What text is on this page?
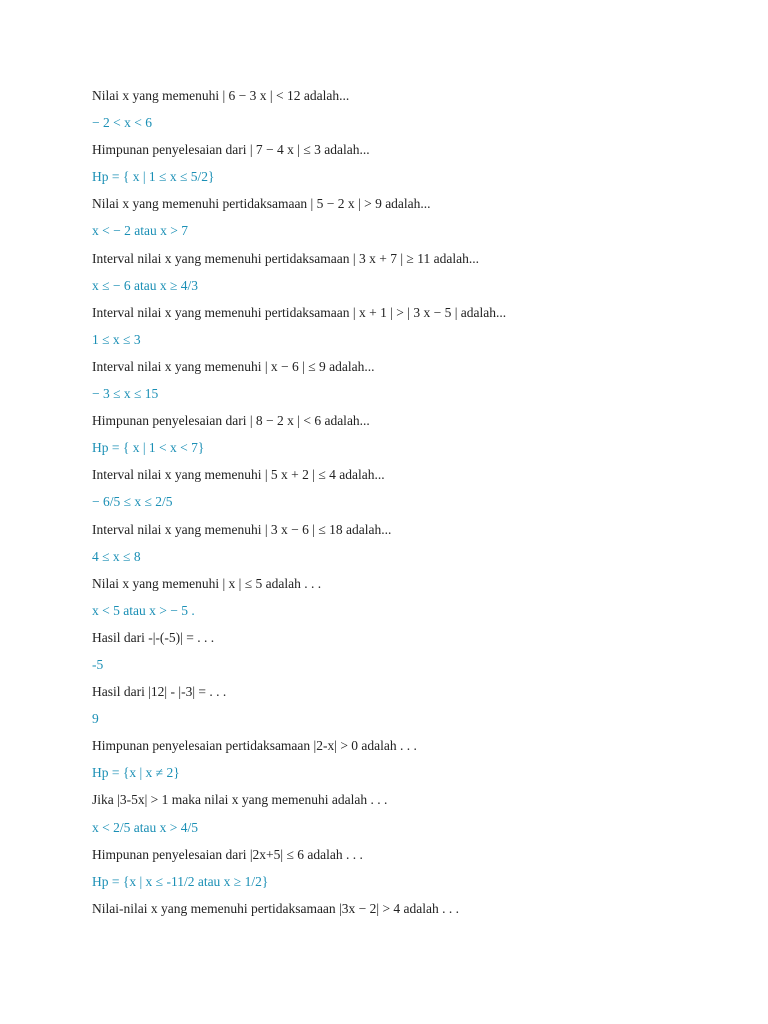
Nilai x yang memenuhi | 6 − 3 x | < 12 adalah...
− 2 < x < 6
Himpunan penyelesaian dari | 7 − 4 x | ≤ 3 adalah...
Hp = { x | 1 ≤ x ≤ 5/2}
Nilai x yang memenuhi pertidaksamaan | 5 − 2 x | > 9 adalah...
x < − 2 atau x > 7
Interval nilai x yang memenuhi pertidaksamaan | 3 x + 7 | ≥ 11 adalah...
x ≤ − 6 atau x ≥ 4/3
Interval nilai x yang memenuhi pertidaksamaan | x + 1 | > | 3 x − 5 | adalah...
1 ≤ x ≤ 3
Interval nilai x yang memenuhi | x − 6 | ≤ 9 adalah...
− 3 ≤ x ≤ 15
Himpunan penyelesaian dari | 8 − 2 x | < 6 adalah...
Hp = { x | 1 < x < 7}
Interval nilai x yang memenuhi | 5 x + 2 | ≤ 4 adalah...
− 6/5 ≤ x ≤ 2/5
Interval nilai x yang memenuhi | 3 x − 6 | ≤ 18 adalah...
4 ≤ x ≤ 8
Nilai x yang memenuhi | x | ≤ 5 adalah . . .
x < 5 atau x > − 5 .
Hasil dari -|-(-5)| = . . .
-5
Hasil dari |12| - |-3| = . . .
9
Himpunan penyelesaian pertidaksamaan |2-x| > 0 adalah . . .
Hp = {x | x ≠ 2}
Jika |3-5x| > 1 maka nilai x yang memenuhi adalah . . .
x < 2/5 atau x > 4/5
Himpunan penyelesaian dari |2x+5| ≤ 6 adalah . . .
Hp = {x | x ≤ -11/2 atau x ≥ 1/2}
Nilai-nilai x yang memenuhi pertidaksamaan |3x − 2| > 4 adalah . . .
